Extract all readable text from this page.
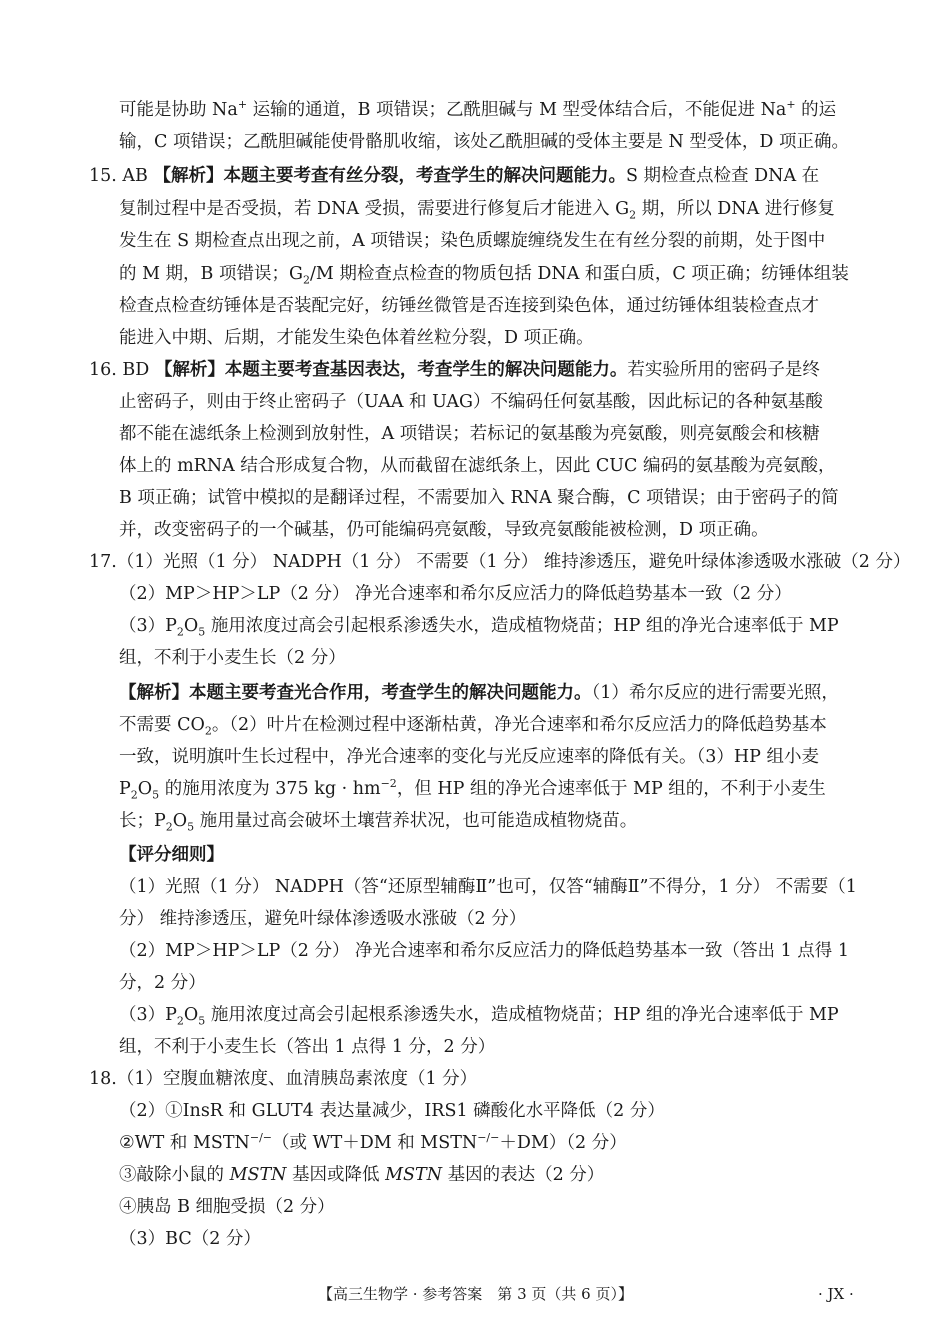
可能是协助 Na+ 运输的通道，B 项错误；乙酰胆碱与 M 型受体结合后，不能促进 Na+ 的运
输，C 项错误；乙酰胆碱能使骨骼肌收缩，该处乙酰胆碱的受体主要是 N 型受体，D 项正确。
15. AB 【解析】本题主要考查有丝分裂，考查学生的解决问题能力。S 期检查点检查 DNA 在
复制过程中是否受损，若 DNA 受损，需要进行修复后才能进入 $G_2$ 期，所以 DNA 进行修复
发生在 S 期检查点出现之前，A 项错误；染色质螺旋缠绕发生在有丝分裂的前期，处于图中
的 M 期，B 项错误；$G_2/M$ 期检查点检查的物质包括 DNA 和蛋白质，C 项正确；纺锤体组装
检查点检查纺锤体是否装配完好，纺锤丝微管是否连接到染色体，通过纺锤体组装检查点才
能进入中期、后期，才能发生染色体着丝粒分裂，D 项正确。
16. BD 【解析】本题主要考查基因表达，考查学生的解决问题能力。若实验所用的密码子是终
止密码子，则由于终止密码子（UAA 和 UAG）不编码任何氨基酸，因此标记的各种氨基酸
都不能在滤纸条上检测到放射性，A 项错误；若标记的氨基酸为亮氨酸，则亮氨酸会和核糖
体上的 mRNA 结合形成复合物，从而截留在滤纸条上，因此 CUC 编码的氨基酸为亮氨酸，
B 项正确；试管中模拟的是翻译过程，不需要加入 RNA 聚合酶，C 项错误；由于密码子的简
并，改变密码子的一个碱基，仍可能编码亮氨酸，导致亮氨酸能被检测，D 项正确。
17.（1）光照（1 分） NADPH（1 分） 不需要（1 分） 维持渗透压，避免叶绿体渗透吸水涨破（2 分）
（2）MP＞HP＞LP（2 分） 净光合速率和希尔反应活力的降低趋势基本一致（2 分）
$(3)P_2O_5$ 施用浓度过高会引起根系渗透失水，造成植物烧苗；HP 组的净光合速率低于 MP
组，不利于小麦生长（2 分）
【解析】本题主要考查光合作用，考查学生的解决问题能力。（1）希尔反应的进行需要光照，
不需要 $CO_2$。（2）叶片在检测过程中逐渐枯黄，净光合速率和希尔反应活力的降低趋势基本
一致，说明旗叶生长过程中，净光合速率的变化与光反应速率的降低有关。（3）HP 组小麦
$P_2O_5$ 的施用浓度为 375 kg · $hm^{-2}$，但 HP 组的净光合速率低于 MP 组的，不利于小麦生
长；$P_2O_5$ 施用量过高会破坏土壤营养状况，也可能造成植物烧苗。
【评分细则】
（1）光照（1 分） NADPH（答“还原型辅酶Ⅱ”也可，仅答“辅酶Ⅱ”不得分，1 分） 不需要（1
分） 维持渗透压，避免叶绿体渗透吸水涨破（2 分）
（2）MP＞HP＞LP（2 分） 净光合速率和希尔反应活力的降低趋势基本一致（答出 1 点得 1
分，2 分）
$(3)P_2O_5$ 施用浓度过高会引起根系渗透失水，造成植物烧苗；HP 组的净光合速率低于 MP
组，不利于小麦生长（答出 1 点得 1 分，2 分）
18.（1）空腹血糖浓度、血清胰岛素浓度（1 分）
（2）①InsR 和 GLUT4 表达量减少，IRS1 磷酸化水平降低（2 分）
②WT 和 MSTN−/−（或 WT＋DM 和 MSTN−/−＋DM）（2 分）
③敲除小鼠的 MSTN 基因或降低 MSTN 基因的表达（2 分）
④胰岛 B 细胞受损（2 分）
（3）BC（2 分）
【高三生物学 · 参考答案　第 3 页（共 6 页）】	· JX ·
